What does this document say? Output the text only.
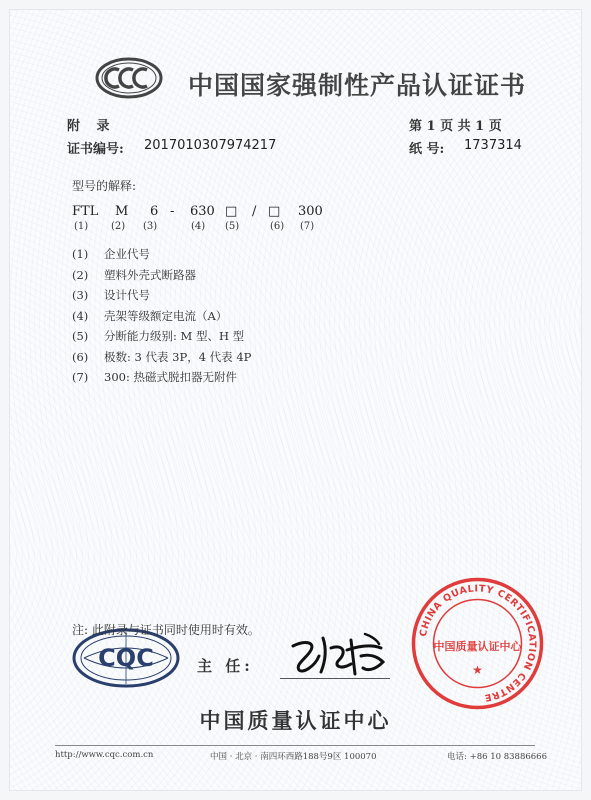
中国国家强制性产品认证证书
附 录	第 1 页 共 1 页
证书编号: 2017010307974217	纸 号: 1737314
型号的解释:
FTL M 6 - 630 □ / □ 300
(1) (2) (3)	(4) (5)	(6) (7)
(1) 企业代号
(2) 塑料外壳式断路器
(3) 设计代号
(4) 壳架等级额定电流（A）
(5) 分断能力级别: M 型、H 型
(6) 极数: 3 代表 3P，4 代表 4P
(7) 300: 热磁式脱扣器无附件
CQC
注: 此附录与证书同时使用时有效。
主 任:
CHINA QUALITY CERTIFICATION CENTRE
中国质量认证中心
★
中国质量认证中心
http://www.cqc.com.cn	中国 · 北京 · 南四环西路188号9区 100070	电话: +86 10 83886666
